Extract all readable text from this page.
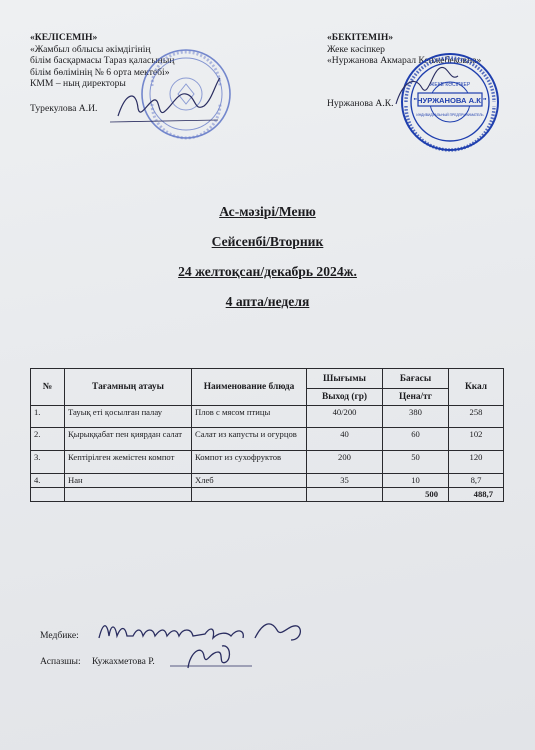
«КЕЛІСЕМІН»
«Жамбыл облысы әкімдігінің
білім басқармасы Тараз қаласының
білім бөлімінің № 6 орта мектебі»
КММ – ның директоры
Турекулова А.И.
«БЕКІТЕМІН»
Жеке кәсіпкер
«Нуржанова Акмарал Кенжебековна»
Нуржанова А.К.
ЖЕКЕ КӘСІПКЕР
"НУРЖАНОВА А.К."
ИНДИВИДУАЛЬНЫЙ ПРЕДПРИНИМАТЕЛЬ
Ас-мәзірі/Меню
Сейсенбі/Вторник
24 желтоқсан/декабрь 2024ж.
4 апта/неделя
№	Тағамның атауы	Наименование блюда	Шығымы	Бағасы	Ккал
			Выход (гр)	Цена/тг	
1.	Тауық еті қосылған палау	Плов с мясом птицы	40/200	380	258
2.	Қырыққабат пен қиярдан салат	Салат из капусты и огурцов	40	60	102
3.	Кептірілген жемістен компот	Компот из сухофруктов	200	50	120
4.	Нан	Хлеб	35	10	8,7
				500	488,7
Медбике:
Аспазшы: Кужахметова Р.
